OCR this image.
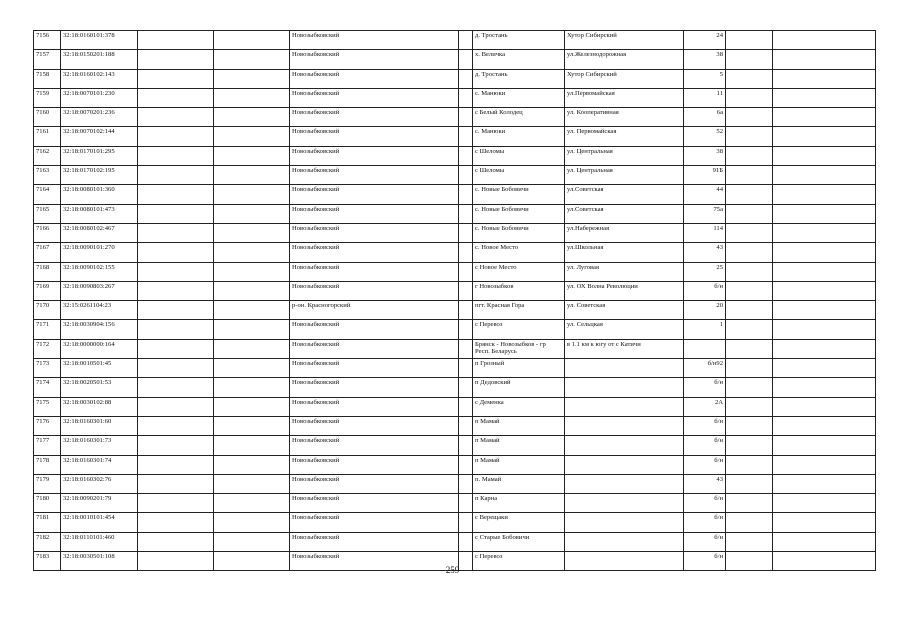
7156	32:18:0160101:378			Новозыбковский		д. Тростань	Хутор Сибирский	24		
7157	32:18:0150201:188			Новозыбковский		х. Величка	ул.Железнодорожная	38		
7158	32:18:0160102:143			Новозыбковский		д. Тростань	Хутор Сибирский	5		
7159	32:18:0070101:230			Новозыбковский		с. Манюки	ул.Первомайская	11		
7160	32:18:0070201:236			Новозыбковский		с Белый Колодец	ул. Кооперативная	6а		
7161	32:18:0070102:144			Новозыбковский		с. Манюки	ул. Первомайская	52		
7162	32:18:0170101:295			Новозыбковский		с Шеломы	ул. Центральная	38		
7163	32:18:0170102:195			Новозыбковский		с Шеломы	ул. Центральная	91Б		
7164	32:18:0080101:360			Новозыбковский		с. Новые Бобовичи	ул.Советская	44		
7165	32:18:0080101:473			Новозыбковский		с. Новые Бобовичи	ул.Советская	75а		
7166	32:18:0080102:467			Новозыбковский		с. Новые Бобовичи	ул.Набережная	114		
7167	32:18:0090101:270			Новозыбковский		с. Новое Место	ул.Школьная	43		
7168	32:18:0090102:155			Новозыбковский		с Новое Место	ул. Луговая	25		
7169	32:18:0090803:267			Новозыбковский		г Новозыбков	ул. ОХ Волна Революции	б/н		
7170	32:15:0261104:23			р-он. Красногорский		пгт. Красная Гора	ул. Советская	20		
7171	32:18:0030904:156			Новозыбковский		с Перевоз	ул. Сельцкая	1		
7172	32:18:0000000:164			Новозыбковский		Брянск - Новозыбков - гр Респ. Беларусь	в 1.1 км к югу от с Катичи			
7173	32:18:0010501:45			Новозыбковский		п Грозный		б/н92		
7174	32:18:0020501:53			Новозыбковский		п Дедовский		б/н		
7175	32:18:0030102:88			Новозыбковский		с Деменка		2А		
7176	32:18:0160301:60			Новозыбковский		п Мамай		б/н		
7177	32:18:0160301:73			Новозыбковский		п Мамай		б/н		
7178	32:18:0160301:74			Новозыбковский		п Мамай		б/н		
7179	32:18:0160302:76			Новозыбковский		п. Мамай		43		
7180	32:18:0090201:79			Новозыбковский		п Карна		б/н		
7181	32:18:0010101:454			Новозыбковский		с Верещаки		б/н		
7182	32:18:0110101:460			Новозыбковский		с Старые Бобовичи		б/н		
7183	32:18:0030501:108			Новозыбковский		с Перевоз		б/н		
259
